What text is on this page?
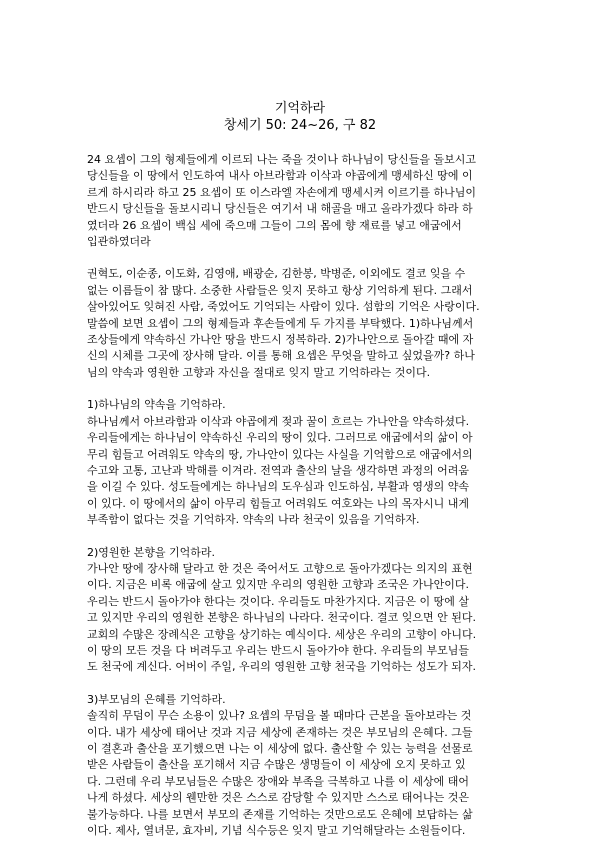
기억하라
창세기 50: 24~26, 구 82

24 요셉이 그의 형제들에게 이르되 나는 죽을 것이나 하나님이 당신들을 돌보시고
당신들을 이 땅에서 인도하여 내사 아브라함과 이삭과 야곱에게 맹세하신 땅에 이
르게 하시리라 하고 25 요셉이 또 이스라엘 자손에게 맹세시켜 이르기를 하나님이
반드시 당신들을 돌보시리니 당신들은 여기서 내 해골을 매고 올라가겠다 하라 하
였더라 26 요셉이 백십 세에 죽으매 그들이 그의 몸에 향 재료를 넣고 애굽에서
입관하였더라

권혁도, 이순종, 이도화, 김영애, 배광순, 김한봉, 박병준, 이외에도 결코 잊을 수
없는 이름들이 참 많다. 소중한 사람들은 잊지 못하고 항상 기억하게 된다. 그래서
살아있어도 잊혀진 사람, 죽었어도 기억되는 사람이 있다. 섬함의 기억은 사랑이다.
말씀에 보면 요셉이 그의 형제들과 후손들에게 두 가지를 부탁했다. 1)하나님께서
조상들에게 약속하신 가나안 땅을 반드시 정복하라. 2)가나안으로 돌아갈 때에 자
신의 시체를 그곳에 장사해 달라. 이를 통해 요셉은 무엇을 말하고 싶었을까? 하나
님의 약속과 영원한 고향과 자신을 절대로 잊지 말고 기억하라는 것이다.

1)하나님의 약속을 기억하라.
하나님께서 아브라함과 이삭과 야곱에게 젖과 꿀이 흐르는 가나안을 약속하셨다.
우리들에게는 하나님이 약속하신 우리의 땅이 있다. 그러므로 애굽에서의 삶이 아
무리 힘들고 어려워도 약속의 땅, 가나안이 있다는 사실을 기억함으로 애굽에서의
수고와 고통, 고난과 박해를 이겨라. 전역과 출산의 날을 생각하면 과정의 어려움
을 이길 수 있다. 성도들에게는 하나님의 도우심과 인도하심, 부활과 영생의 약속
이 있다. 이 땅에서의 삶이 아무리 힘들고 어려워도 여호와는 나의 목자시니 내게
부족함이 없다는 것을 기억하자. 약속의 나라 천국이 있음을 기억하자.

2)영원한 본향을 기억하라.
가나안 땅에 장사해 달라고 한 것은 죽어서도 고향으로 돌아가겠다는 의지의 표현
이다. 지금은 비록 애굽에 살고 있지만 우리의 영원한 고향과 조국은 가나안이다.
우리는 반드시 돌아가야 한다는 것이다. 우리들도 마찬가지다. 지금은 이 땅에 살
고 있지만 우리의 영원한 본향은 하나님의 나라다. 천국이다. 결코 잊으면 안 된다.
교회의 수많은 장례식은 고향을 상기하는 예식이다. 세상은 우리의 고향이 아니다.
이 땅의 모든 것을 다 버려두고 우리는 반드시 돌아가야 한다. 우리들의 부모님들
도 천국에 계신다. 어버이 주일, 우리의 영원한 고향 천국을 기억하는 성도가 되자.

3)부모님의 은혜를 기억하라.
솔직히 무덤이 무슨 소용이 있나? 요셉의 무덤을 볼 때마다 근본을 돌아보라는 것
이다. 내가 세상에 태어난 것과 지금 세상에 존재하는 것은 부모님의 은혜다. 그들
이 결혼과 출산을 포기했으면 나는 이 세상에 없다. 출산할 수 있는 능력을 선물로
받은 사람들이 출산을 포기해서 지금 수많은 생명들이 이 세상에 오지 못하고 있
다. 그런데 우리 부모님들은 수많은 장애와 부족을 극복하고 나를 이 세상에 태어
나게 하셨다. 세상의 웬만한 것은 스스로 감당할 수 있지만 스스로 태어나는 것은
불가능하다. 나를 보면서 부모의 존재를 기억하는 것만으로도 은혜에 보답하는 삶
이다. 제사, 열녀문, 효자비, 기념 식수등은 잊지 말고 기억해달라는 소원들이다.
